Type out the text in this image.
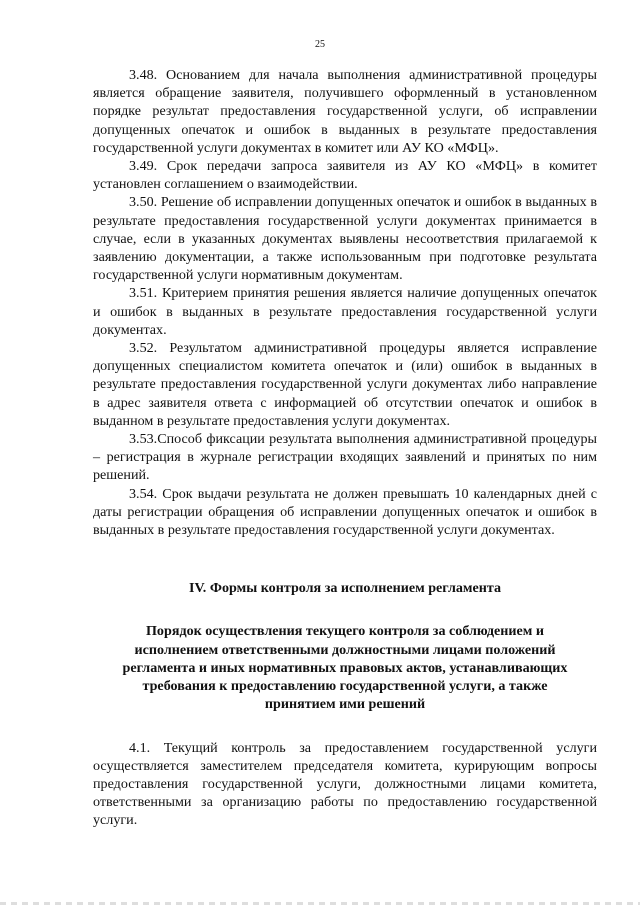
25

3.48. Основанием для начала выполнения административной процедуры является обращение заявителя, получившего оформленный в установленном порядке результат предоставления государственной услуги, об исправлении допущенных опечаток и ошибок в выданных в результате предоставления государственной услуги документах в комитет или АУ КО «МФЦ».

3.49. Срок передачи запроса заявителя из АУ КО «МФЦ» в комитет установлен соглашением о взаимодействии.

3.50. Решение об исправлении допущенных опечаток и ошибок в выданных в результате предоставления государственной услуги документах принимается в случае, если в указанных документах выявлены несоответствия прилагаемой к заявлению документации, а также использованным при подготовке результата государственной услуги нормативным документам.

3.51. Критерием принятия решения является наличие допущенных опечаток и ошибок в выданных в результате предоставления государственной услуги документах.

3.52. Результатом административной процедуры является исправление допущенных специалистом комитета опечаток и (или) ошибок в выданных в результате предоставления государственной услуги документах либо направление в адрес заявителя ответа с информацией об отсутствии опечаток и ошибок в выданном в результате предоставления услуги документах.

3.53.Способ фиксации результата выполнения административной процедуры – регистрация в журнале регистрации входящих заявлений и принятых по ним решений.

3.54. Срок выдачи результата не должен превышать 10 календарных дней с даты регистрации обращения об исправлении допущенных опечаток и ошибок в выданных в результате предоставления государственной услуги документах.

IV. Формы контроля за исполнением регламента
Порядок осуществления текущего контроля за соблюдением и
исполнением ответственными должностными лицами положений
регламента и иных нормативных правовых актов, устанавливающих
требования к предоставлению государственной услуги, а также
принятием ими решений

4.1. Текущий контроль за предоставлением государственной услуги осуществляется заместителем председателя комитета, курирующим вопросы предоставления государственной услуги, должностными лицами комитета, ответственными за организацию работы по предоставлению государственной услуги.
